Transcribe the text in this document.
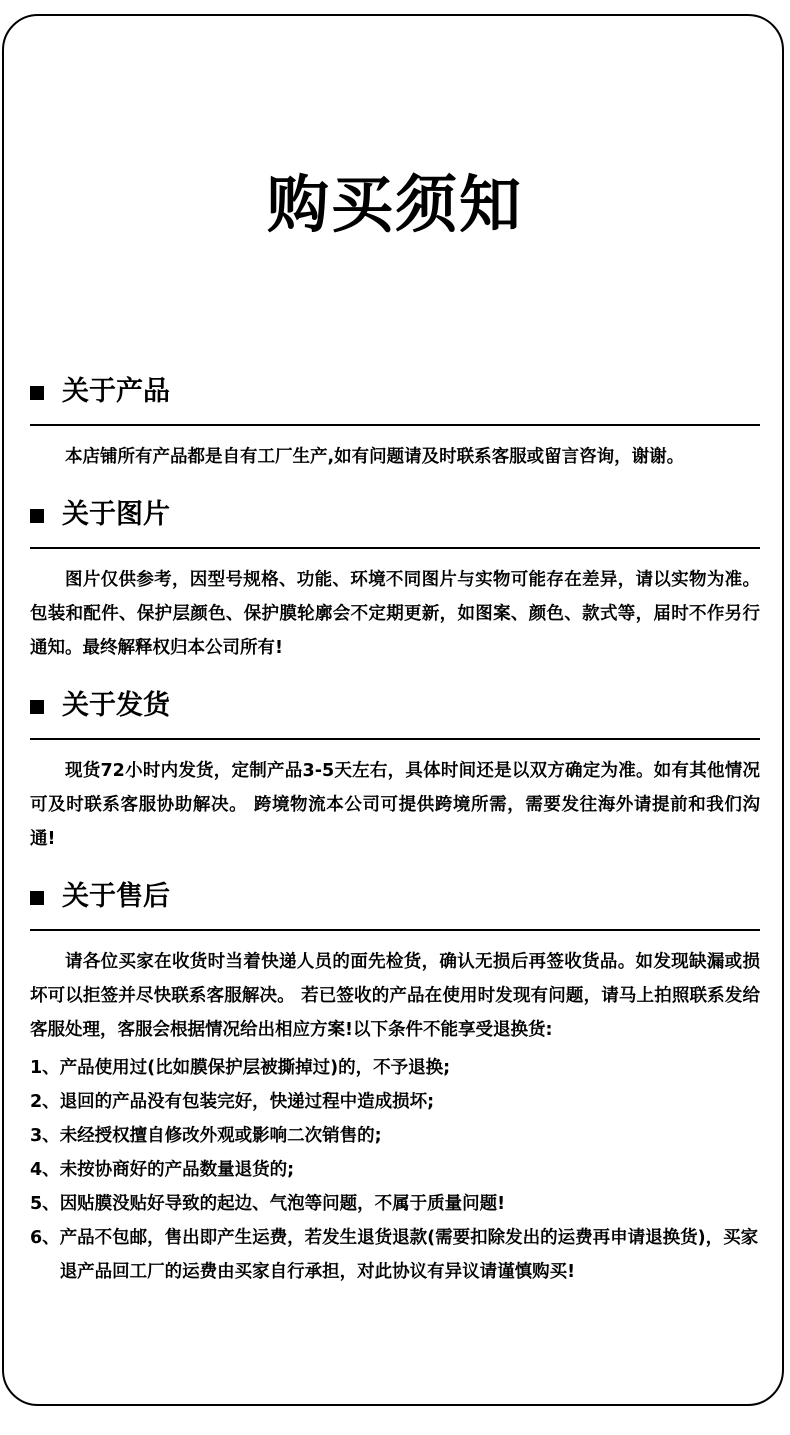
购买须知
关于产品

本店铺所有产品都是自有工厂生产,如有问题请及时联系客服或留言咨询，谢谢。

关于图片

图片仅供参考，因型号规格、功能、环境不同图片与实物可能存在差异，请以实物为准。包装和配件、保护层颜色、保护膜轮廓会不定期更新，如图案、颜色、款式等，届时不作另行通知。最终解释权归本公司所有!

关于发货

现货72小时内发货，定制产品3-5天左右，具体时间还是以双方确定为准。如有其他情况可及时联系客服协助解决。 跨境物流本公司可提供跨境所需，需要发往海外请提前和我们沟通!

关于售后

请各位买家在收货时当着快递人员的面先检货，确认无损后再签收货品。如发现缺漏或损坏可以拒签并尽快联系客服解决。 若已签收的产品在使用时发现有问题，请马上拍照联系发给客服处理，客服会根据情况给出相应方案!以下条件不能享受退换货:

1、 产品使用过(比如膜保护层被撕掉过)的，不予退换;
2、 退回的产品没有包装完好，快递过程中造成损坏;
3、 未经授权擅自修改外观或影响二次销售的;
4、 未按协商好的产品数量退货的;
5、 因贴膜没贴好导致的起边、气泡等问题，不属于质量问题!
6、 产品不包邮，售出即产生运费，若发生退货退款(需要扣除发出的运费再申请退换货)，买家退产品回工厂的运费由买家自行承担，对此协议有异议请谨慎购买!
